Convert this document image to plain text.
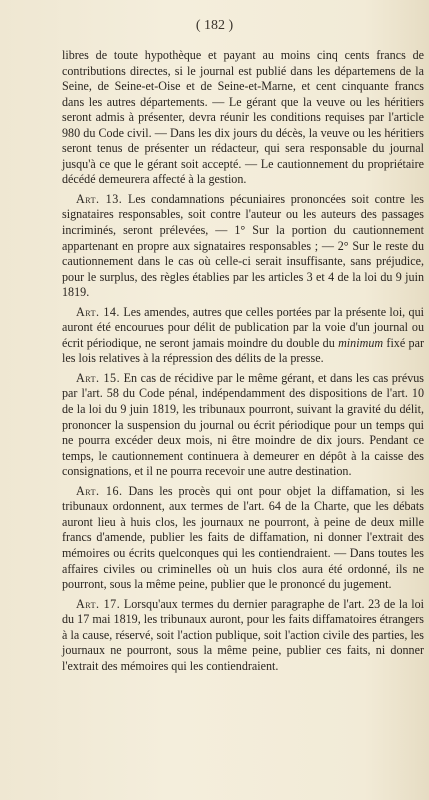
( 182 )

libres de toute hypothèque et payant au moins cinq cents francs de contributions directes, si le journal est publié dans les départemens de la Seine, de Seine-et-Oise et de Seine-et-Marne, et cent cinquante francs dans les autres départements. — Le gérant que la veuve ou les héritiers seront admis à présenter, devra réunir les conditions requises par l'article 980 du Code civil. — Dans les dix jours du décès, la veuve ou les héritiers seront tenus de présenter un rédacteur, qui sera responsable du journal jusqu'à ce que le gérant soit accepté. — Le cautionnement du propriétaire décédé demeurera affecté à la gestion.

Art. 13. Les condamnations pécuniaires prononcées soit contre les signataires responsables, soit contre l'auteur ou les auteurs des passages incriminés, seront prélevées, — 1° Sur la portion du cautionnement appartenant en propre aux signataires responsables ; — 2° Sur le reste du cautionnement dans le cas où celle-ci serait insuffisante, sans préjudice, pour le surplus, des règles établies par les articles 3 et 4 de la loi du 9 juin 1819.

Art. 14. Les amendes, autres que celles portées par la présente loi, qui auront été encourues pour délit de publication par la voie d'un journal ou écrit périodique, ne seront jamais moindre du double du minimum fixé par les lois relatives à la répression des délits de la presse.

Art. 15. En cas de récidive par le même gérant, et dans les cas prévus par l'art. 58 du Code pénal, indépendamment des dispositions de l'art. 10 de la loi du 9 juin 1819, les tribunaux pourront, suivant la gravité du délit, prononcer la suspension du journal ou écrit périodique pour un temps qui ne pourra excéder deux mois, ni être moindre de dix jours. Pendant ce temps, le cautionnement continuera à demeurer en dépôt à la caisse des consignations, et il ne pourra recevoir une autre destination.

Art. 16. Dans les procès qui ont pour objet la diffamation, si les tribunaux ordonnent, aux termes de l'art. 64 de la Charte, que les débats auront lieu à huis clos, les journaux ne pourront, à peine de deux mille francs d'amende, publier les faits de diffamation, ni donner l'extrait des mémoires ou écrits quelconques qui les contiendraient. — Dans toutes les affaires civiles ou criminelles où un huis clos aura été ordonné, ils ne pourront, sous la même peine, publier que le prononcé du jugement.

Art. 17. Lorsqu'aux termes du dernier paragraphe de l'art. 23 de la loi du 17 mai 1819, les tribunaux auront, pour les faits diffamatoires étrangers à la cause, réservé, soit l'action publique, soit l'action civile des parties, les journaux ne pourront, sous la même peine, publier ces faits, ni donner l'extrait des mémoires qui les contiendraient.
